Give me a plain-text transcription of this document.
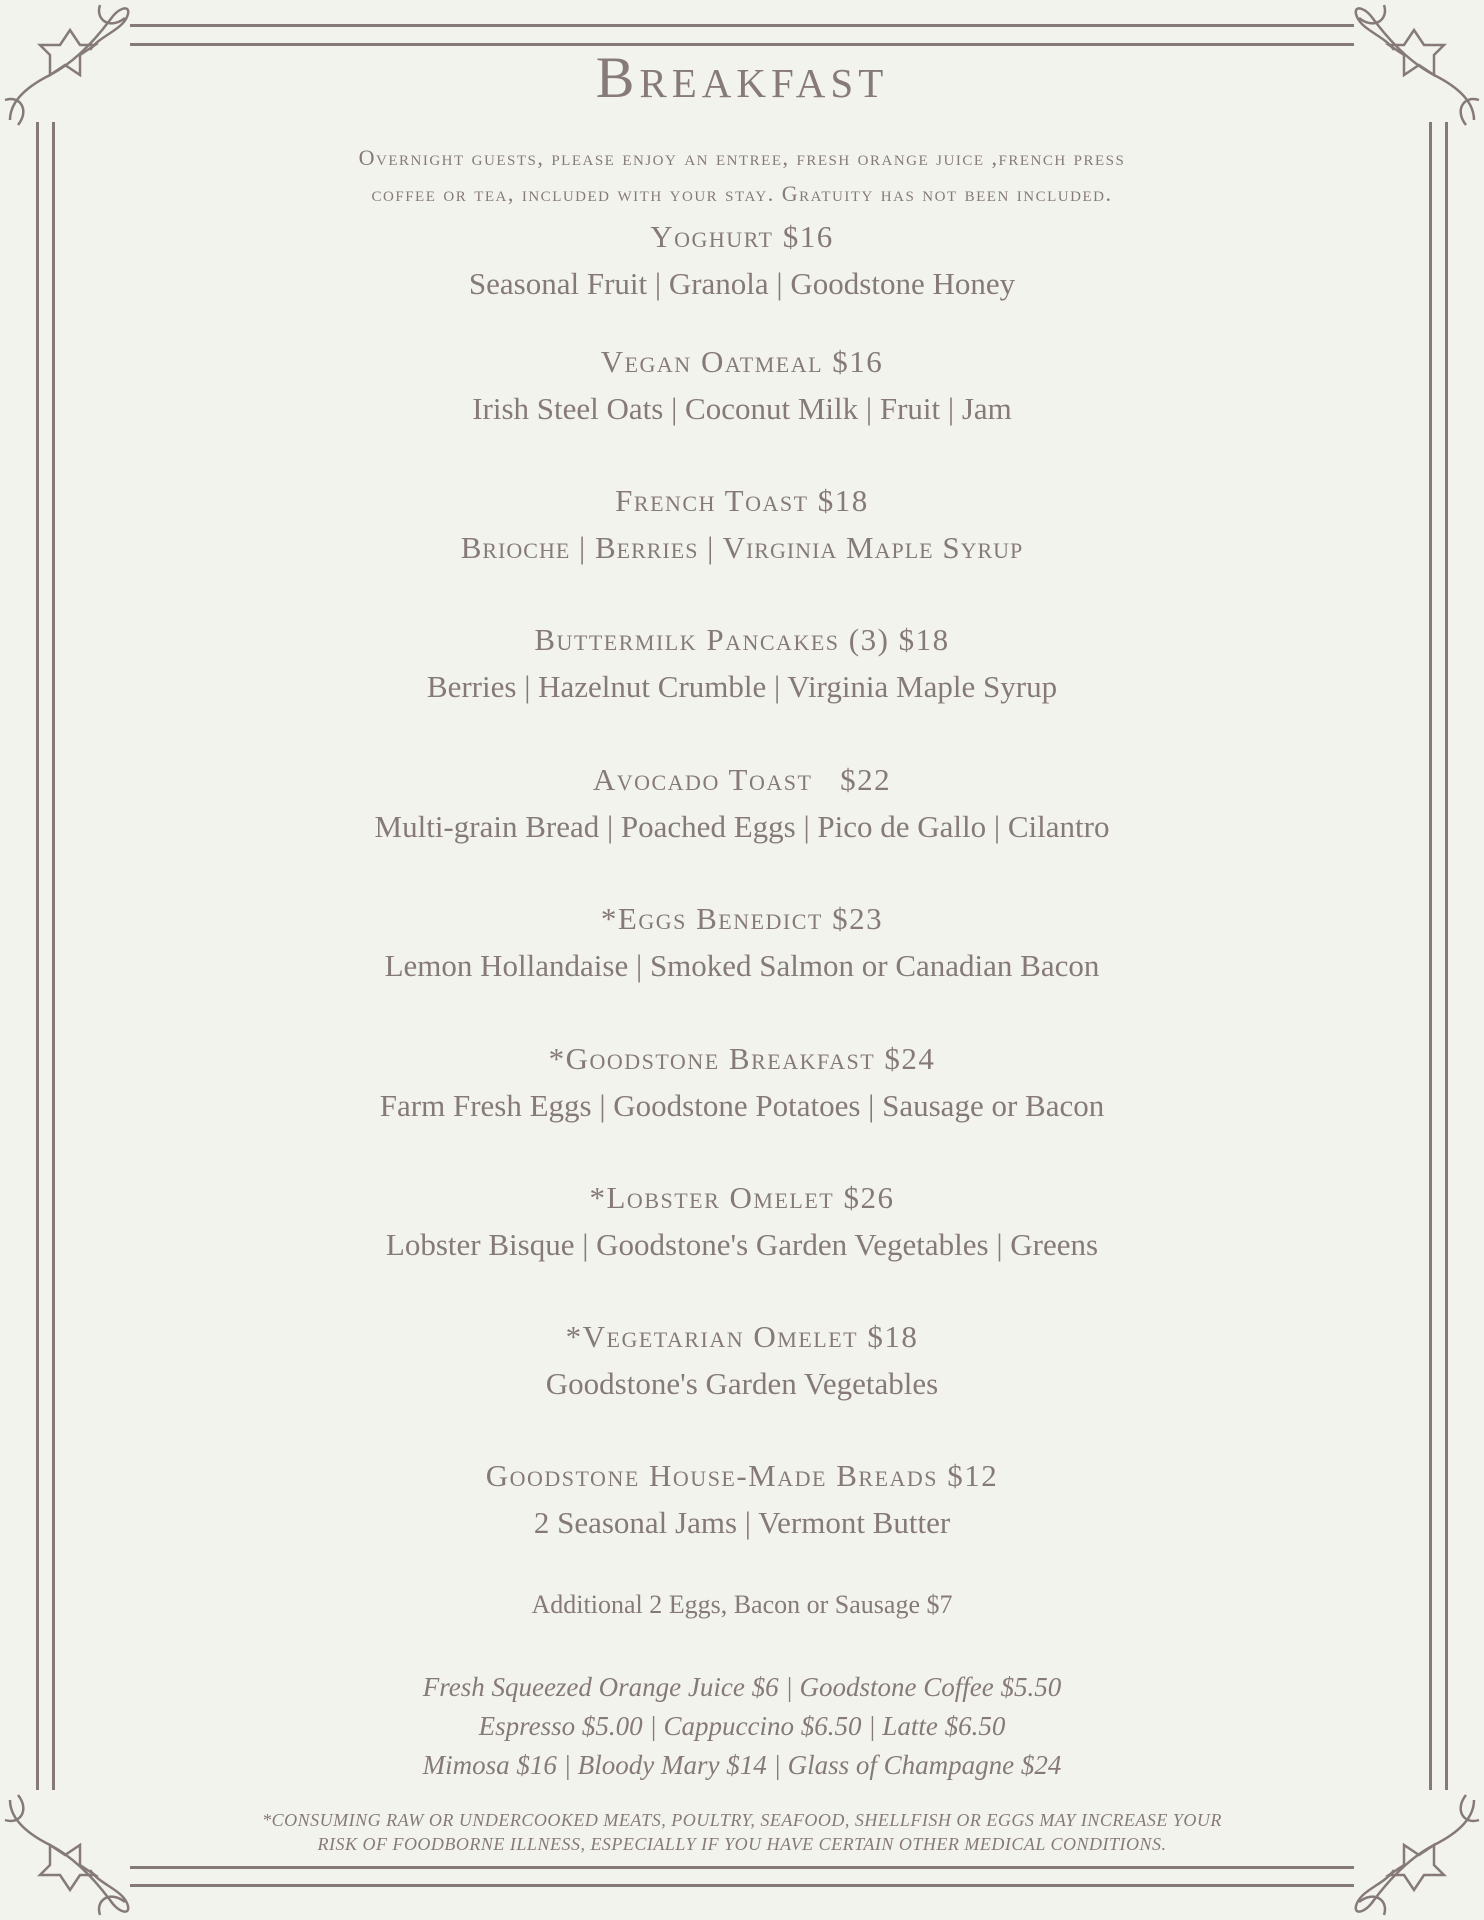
Breakfast
Overnight guests, please enjoy an entree, fresh orange juice ,french press
coffee or tea, included with your stay. Gratuity has not been included.
Yoghurt $16
Seasonal Fruit | Granola | Goodstone Honey
Vegan Oatmeal $16
Irish Steel Oats | Coconut Milk | Fruit | Jam
French Toast $18
Brioche | Berries | Virginia Maple Syrup
Buttermilk Pancakes (3) $18
Berries | Hazelnut Crumble | Virginia Maple Syrup
Avocado Toast   $22
Multi-grain Bread | Poached Eggs | Pico de Gallo | Cilantro
*Eggs Benedict $23
Lemon Hollandaise | Smoked Salmon or Canadian Bacon
*Goodstone Breakfast $24
Farm Fresh Eggs | Goodstone Potatoes | Sausage or Bacon
*Lobster Omelet $26
Lobster Bisque | Goodstone's Garden Vegetables | Greens
*Vegetarian Omelet $18
Goodstone's Garden Vegetables
Goodstone House-Made Breads $12
2 Seasonal Jams | Vermont Butter
Additional 2 Eggs, Bacon or Sausage $7
Fresh Squeezed Orange Juice $6 | Goodstone Coffee $5.50
Espresso $5.00 | Cappuccino $6.50 | Latte $6.50
Mimosa $16 | Bloody Mary $14 | Glass of Champagne $24
*CONSUMING RAW OR UNDERCOOKED MEATS, POULTRY, SEAFOOD, SHELLFISH OR EGGS MAY INCREASE YOUR
RISK OF FOODBORNE ILLNESS, ESPECIALLY IF YOU HAVE CERTAIN OTHER MEDICAL CONDITIONS.
